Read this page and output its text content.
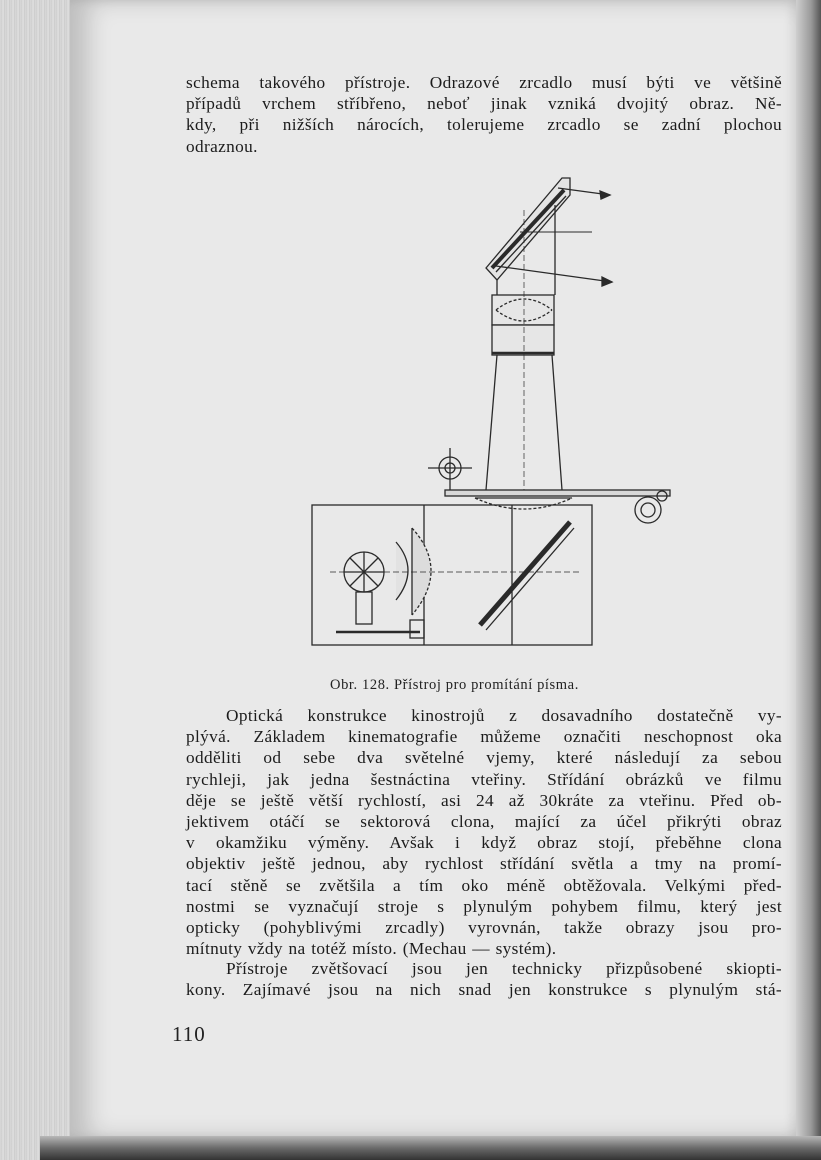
schema takového přístroje. Odrazové zrcadlo musí býti ve většině
případů vrchem stříbřeno, neboť jinak vzniká dvojitý obraz. Ně-
kdy, při nižších nárocích, tolerujeme zrcadlo se zadní plochou
odraznou.
Obr. 128. Přístroj pro promítání písma.
Optická konstrukce kinostrojů z dosavadního dostatečně vy-
plývá. Základem kinematografie můžeme označiti neschopnost oka
odděliti od sebe dva světelné vjemy, které následují za sebou
rychleji, jak jedna šestnáctina vteřiny. Střídání obrázků ve filmu
děje se ještě větší rychlostí, asi 24 až 30kráte za vteřinu. Před ob-
jektivem otáčí se sektorová clona, mající za účel přikrýti obraz
v okamžiku výměny. Avšak i když obraz stojí, přeběhne clona
objektiv ještě jednou, aby rychlost střídání světla a tmy na promí-
tací stěně se zvětšila a tím oko méně obtěžovala. Velkými před-
nostmi se vyznačují stroje s plynulým pohybem filmu, který jest
opticky (pohyblivými zrcadly) vyrovnán, takže obrazy jsou pro-
mítnuty vždy na totéž místo. (Mechau — systém).
Přístroje zvětšovací jsou jen technicky přizpůsobené skiopti-
kony. Zajímavé jsou na nich snad jen konstrukce s plynulým stá-
110
